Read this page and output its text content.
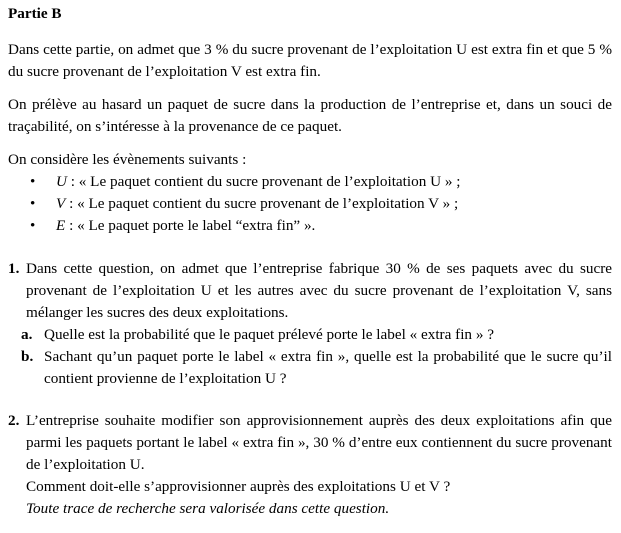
Partie B

Dans cette partie, on admet que 3 % du sucre provenant de l’exploitation U est extra fin et que 5 % du sucre provenant de l’exploitation V est extra fin.

On prélève au hasard un paquet de sucre dans la production de l’entreprise et, dans un souci de traçabilité, on s’intéresse à la provenance de ce paquet.

On considère les évènements suivants :

• U : « Le paquet contient du sucre provenant de l’exploitation U » ;
• V : « Le paquet contient du sucre provenant de l’exploitation V » ;
• E : « Le paquet porte le label “extra fin” ».
1. Dans cette question, on admet que l’entreprise fabrique 30 % de ses paquets avec du sucre provenant de l’exploitation U et les autres avec du sucre provenant de l’exploitation V, sans mélanger les sucres des deux exploitations.
a. Quelle est la probabilité que le paquet prélevé porte le label « extra fin » ?
b. Sachant qu’un paquet porte le label « extra fin », quelle est la probabilité que le sucre qu’il contient provienne de l’exploitation U ?
2. L’entreprise souhaite modifier son approvisionnement auprès des deux exploitations afin que parmi les paquets portant le label « extra fin », 30 % d’entre eux contiennent du sucre provenant de l’exploitation U.
Comment doit-elle s’approvisionner auprès des exploitations U et V ?
Toute trace de recherche sera valorisée dans cette question.
